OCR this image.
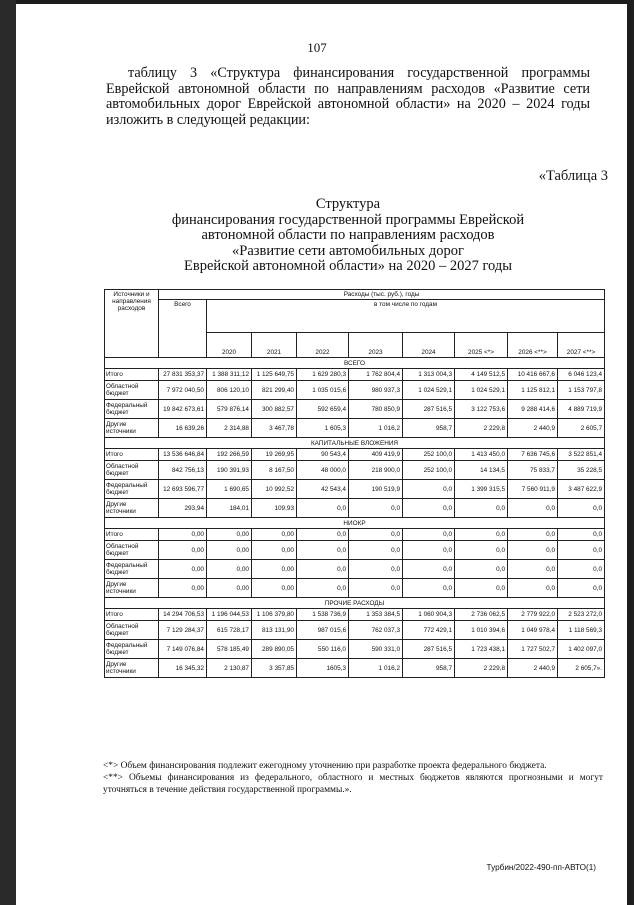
107
таблицу 3 «Структура финансирования государственной программы Еврейской автономной области по направлениям расходов «Развитие сети автомобильных дорог Еврейской автономной области» на 2020 – 2024 годы изложить в следующей редакции:
«Таблица 3
Структура
финансирования государственной программы Еврейской
автономной области по направлениям расходов
«Развитие сети автомобильных дорог
Еврейской автономной области» на 2020 – 2027 годы
Источники и направления расходов	Расходы (тыс. руб.), годы								
	Всего	в том числе по годам							
		2020	2021	2022	2023	2024	2025 <*>	2026 <**>	2027 <**>
ВСЕГО									
Итого	27 831 353,37	1 388 311,12	1 125 649,75	1 629 280,3	1 762 804,4	1 313 004,3	4 149 512,5	10 416 667,6	6 046 123,4
Областной бюджет	7 972 040,50	806 120,10	821 299,40	1 035 015,6	980 937,3	1 024 529,1	1 024 529,1	1 125 812,1	1 153 797,8
Федеральный бюджет	19 842 673,61	579 876,14	300 882,57	592 659,4	780 850,9	287 516,5	3 122 753,6	9 288 414,6	4 889 719,9
Другие источники	16 639,26	2 314,88	3 467,78	1 605,3	1 016,2	958,7	2 229,8	2 440,9	2 605,7
КАПИТАЛЬНЫЕ ВЛОЖЕНИЯ									
Итого	13 536 646,84	192 266,59	19 269,95	90 543,4	409 419,9	252 100,0	1 413 450,0	7 636 745,6	3 522 851,4
Областной бюджет	842 756,13	190 391,93	8 167,50	48 000,0	218 900,0	252 100,0	14 134,5	75 833,7	35 228,5
Федеральный бюджет	12 693 596,77	1 690,65	10 992,52	42 543,4	190 519,9	0,0	1 399 315,5	7 560 911,9	3 487 622,9
Другие источники	293,94	184,01	109,93	0,0	0,0	0,0	0,0	0,0	0,0
НИОКР									
Итого	0,00	0,00	0,00	0,0	0,0	0,0	0,0	0,0	0,0
Областной бюджет	0,00	0,00	0,00	0,0	0,0	0,0	0,0	0,0	0,0
Федеральный бюджет	0,00	0,00	0,00	0,0	0,0	0,0	0,0	0,0	0,0
Другие источники	0,00	0,00	0,00	0,0	0,0	0,0	0,0	0,0	0,0
ПРОЧИЕ РАСХОДЫ									
Итого	14 294 706,53	1 196 044,53	1 106 379,80	1 538 736,9	1 353 384,5	1 060 904,3	2 736 062,5	2 779 922,0	2 523 272,0
Областной бюджет	7 129 284,37	615 728,17	813 131,90	987 015,6	762 037,3	772 429,1	1 010 394,6	1 049 978,4	1 118 569,3
Федеральный бюджет	7 149 076,84	578 185,49	289 890,05	550 116,0	590 331,0	287 516,5	1 723 438,1	1 727 502,7	1 402 097,0
Другие источники	16 345,32	2 130,87	3 357,85	1605,3	1 016,2	958,7	2 229,8	2 440,9	2 605,7».
<*> Объем финансирования подлежит ежегодному уточнению при разработке проекта федерального бюджета.
<**> Объемы финансирования из федерального, областного и местных бюджетов являются прогнозными и могут уточняться в течение действия государственной программы.».
Турбин/2022-490-пп-АВТО(1)
